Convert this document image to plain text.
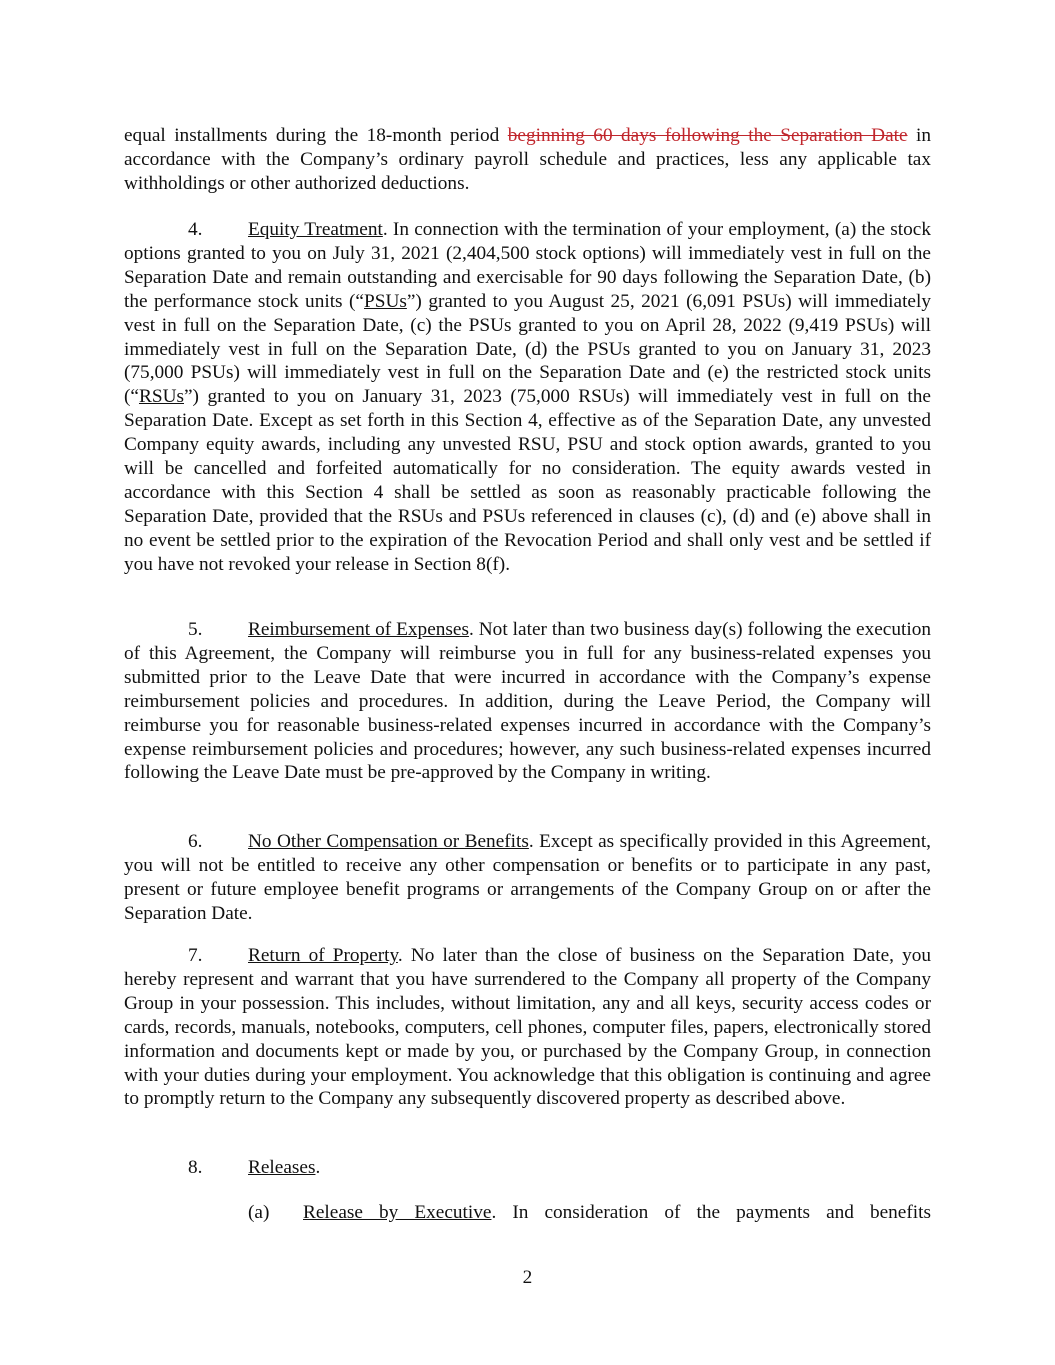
equal installments during the 18-month period beginning 60 days following the Separation Date in accordance with the Company’s ordinary payroll schedule and practices, less any applicable tax withholdings or other authorized deductions.

4. Equity Treatment. In connection with the termination of your employment, (a) the stock options granted to you on July 31, 2021 (2,404,500 stock options) will immediately vest in full on the Separation Date and remain outstanding and exercisable for 90 days following the Separation Date, (b) the performance stock units (“PSUs”) granted to you August 25, 2021 (6,091 PSUs) will immediately vest in full on the Separation Date, (c) the PSUs granted to you on April 28, 2022 (9,419 PSUs) will immediately vest in full on the Separation Date, (d) the PSUs granted to you on January 31, 2023 (75,000 PSUs) will immediately vest in full on the Separation Date and (e) the restricted stock units (“RSUs”) granted to you on January 31, 2023 (75,000 RSUs) will immediately vest in full on the Separation Date. Except as set forth in this Section 4, effective as of the Separation Date, any unvested Company equity awards, including any unvested RSU, PSU and stock option awards, granted to you will be cancelled and forfeited automatically for no consideration. The equity awards vested in accordance with this Section 4 shall be settled as soon as reasonably practicable following the Separation Date, provided that the RSUs and PSUs referenced in clauses (c), (d) and (e) above shall in no event be settled prior to the expiration of the Revocation Period and shall only vest and be settled if you have not revoked your release in Section 8(f).

5. Reimbursement of Expenses. Not later than two business day(s) following the execution of this Agreement, the Company will reimburse you in full for any business-related expenses you submitted prior to the Leave Date that were incurred in accordance with the Company’s expense reimbursement policies and procedures. In addition, during the Leave Period, the Company will reimburse you for reasonable business-related expenses incurred in accordance with the Company’s expense reimbursement policies and procedures; however, any such business-related expenses incurred following the Leave Date must be pre-approved by the Company in writing.

6. No Other Compensation or Benefits. Except as specifically provided in this Agreement, you will not be entitled to receive any other compensation or benefits or to participate in any past, present or future employee benefit programs or arrangements of the Company Group on or after the Separation Date.

7. Return of Property. No later than the close of business on the Separation Date, you hereby represent and warrant that you have surrendered to the Company all property of the Company Group in your possession. This includes, without limitation, any and all keys, security access codes or cards, records, manuals, notebooks, computers, cell phones, computer files, papers, electronically stored information and documents kept or made by you, or purchased by the Company Group, in connection with your duties during your employment. You acknowledge that this obligation is continuing and agree to promptly return to the Company any subsequently discovered property as described above.

8. Releases.

(a) Release by Executive. In consideration of the payments and benefits

2
